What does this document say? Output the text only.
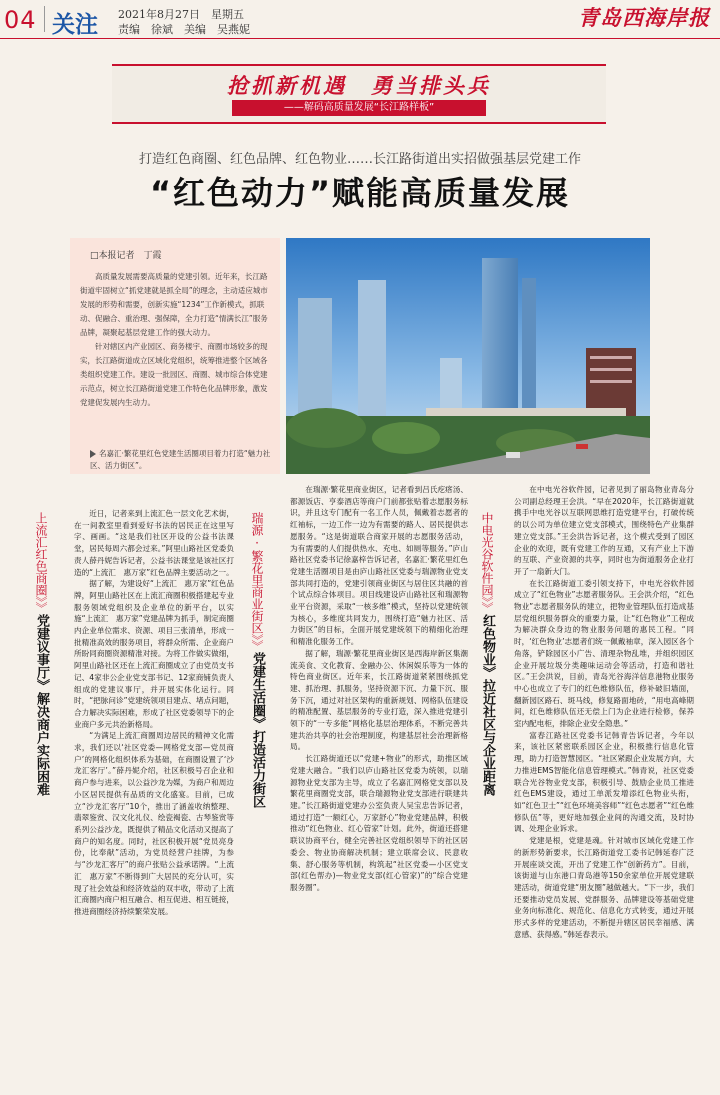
04 关注 2021年8月27日　星期五
责编　徐斌　美编　吴燕妮	青岛西海岸报
抢抓新机遇　勇当排头兵
——解码高质量发展“长江路样板”
打造红色商圈、红色品牌、红色物业……长江路街道出实招做强基层党建工作
“红色动力”赋能高质量发展
□本报记者　丁霞

高质量发展需要高质量的党建引领。近年来，长江路街道牢固树立“抓党建就是抓全局”的理念，主动适应城市发展的形势和需要，创新实施“1234”工作新模式，抓联动、促融合、重治理、强保障，全力打造“情满长江”服务品牌，凝聚起基层党建工作的强大动力。

针对辖区内产业园区、商务楼宇、商圈市场较多的现实，长江路街道成立区域化党组织，统筹推进整个区域各类组织党建工作。建设一批园区、商圈、城市综合体党建示范点，树立长江路街道党建工作特色化品牌形象，激发党建促发展内生动力。

名嘉汇·繁花里红色党建生活圈项目着力打造“魅力社区、活力街区”。
上流汇红色商圈》》党建议事厅》解决商户实际困难
瑞源·繁花里商业街区》》党建生活圈》打造活力街区
中电光谷软件园》》红色物业》拉近社区与企业距离

近日，记者来到上流汇色一层文化艺术街，在一间教室里看到爱好书法的居民正在这里写字、画画。“这是我们社区开设的公益书法课堂，居民每周六都会过来。”阿里山路社区党委负责人薛丹妮告诉记者，公益书法课堂是该社区打造的“上流汇　惠万家”红色品牌主要活动之一。

据了解，为建设好“上流汇　惠万家”红色品牌，阿里山路社区在上流汇商圈积极搭建起专业服务领域党组织及企业单位的新平台，以实施“上流汇　惠万家”党建品牌为抓手，制定商圈内企业单位需求、资源、项目三张清单，形成一批精准高效的服务项目，将群众所需、企业商户所盼同商圈资源精准对接。为将工作做实做细，阿里山路社区还在上流汇商圈成立了由党员支书记、4家非公企业党支部书记、12家商铺负责人组成的党建议事厅，并开展实体化运行。同时，“把脉问诊”党建统领项目建点、堵点问题，合力解决实际困难，形成了社区党委领导下的企业商户多元共治新格局。

“为满足上流汇商圈周边居民的精神文化需求，我们还以‘社区党委—网格党支部—党员商户’的网格化组织体系为基础，在商圈设置了‘沙龙汇客厅’。”薛丹妮介绍，社区积极号召企业和商户参与进来，以公益沙龙为媒，为商户和周边小区居民提供有品质的文化盛宴。目前，已成立“沙龙汇客厅”10个，推出了涵盖收纳整理、翡翠鉴赏、汉文化礼仪、绘瓷褐瓷、古琴鉴赏等系列公益沙龙，既提供了精品文化活动又提高了商户的知名度。同时，社区积极开展“党员亮身份，比奉献”活动，为党员经营户挂牌，为参与“沙龙汇客厅”的商户张贴公益承诺牌。“上流汇　惠万家”不断得到广大居民的充分认可，实现了社会效益和经济效益的双丰收，带动了上流汇商圈内商户相互融合、相互促进、相互链接，推进商圈经济持续繁荣发展。

在瑞源·繁花里商业街区，记者看到吕氏疙瘩汤、都源饭店、亨泰酒店等商户门前都张贴着志愿服务标识，并且这专门配有一名工作人员，佩戴着志愿者的红袖标，一边工作一边为有需要的路人、居民提供志愿服务。“这是街道联合商家开展的志愿服务活动，为有需要的人们提供热水、充电、如厕等服务。”庐山路社区党委书记徐嘉梓告诉记者，名嘉汇·繁花里红色党建生活圈项目是由庐山路社区党委与瑞源物业党支部共同打造的，党建引领商业街区与居住区共融的首个试点综合体项目。项目线建设庐山路社区和瑞源物业平台资源，采取“一核多维”模式，坚持以党建统领为核心，多维度共同发力，围绕打造“魅力社区、活力街区”的目标，全面开展党建统领下的精细化治理和精准化服务工作。

据了解，瑞源·繁花里商业街区是西海岸新区集潮流美食、文化教育、金融办公、休闲娱乐等为一体的特色商业街区。近年来，长江路街道紧紧围绕抓党建、抓治理、抓服务，坚持资源下沉、力量下沉、服务下沉，通过对社区架构的重新规划、网格队伍建设的精准配置、基层服务的专业打造，深入推进党建引领下的“一专多能”网格化基层治理体系，不断完善共建共治共享的社会治理制度，构建基层社会治理新格局。

长江路街道还以“党建+物业”的形式，助推区域党建大融合。“我们以庐山路社区党委为统领，以瑞源物业党支部为主导，成立了名嘉汇网格党支部以及繁花里商圈党支部，联合瑞源物业党支部进行联建共建。”长江路街道党建办公室负责人吴宝忠告诉记者，通过打造“一额红心，万家舒心”物业党建品牌，积极推动“红色物业、红心管家”计划。此外，街道还搭建联议协商平台，健全完善社区党组织领导下的社区居委会、物业协商解决机制；建立联席会议、民意收集、舒心服务等机制，构筑起“社区党委—小区党支部(红色帮办)—物业党支部(红心管家)”的“综合党建服务圈”。

在中电光谷软件园，记者见到了丽岛物业青岛分公司副总经理王会洪。“早在2020年，长江路街道就携手中电光谷以互联网思维打造党建平台，打破传统的以公司为单位建立党支部模式，围绕特色产业集群建立党支部。”王会洪告诉记者，这个模式受到了园区企业的欢迎，既有党建工作的互通，又有产业上下游的互联、产业资源的共享，同时也为街道服务企业打开了一扇新大门。

在长江路街道工委引领支持下，中电光谷软件园成立了“红色物业”志愿者服务队。王会洪介绍，“红色物业”志愿者服务队的建立，把物业管理队伍打造成基层党组织服务群众的重要力量，让“红色物业”工程成为解决群众身边的物业服务问题的惠民工程。“同时，‘红色物业’志愿者们统一佩戴袖章，深入园区各个角落，铲除园区小广告、清理杂物乱堆，并组织园区企业开展垃圾分类趣味运动会等活动，打造和谐社区。”王会洪说，目前，青岛光谷海洋信息港物业服务中心也成立了专门的红色维修队伍，修补破旧墙面，翻新园区路石、斑马线，修复路面地砖，“用电高峰期间，红色维修队伍还无偿上门为企业进行检修，保养室内配电柜，排除企业安全隐患。”

富春江路社区党委书记韩青告诉记者，今年以来，该社区紧密联系园区企业，积极推行信息化管理，助力打造智慧园区。“社区紧跟企业发展方向，大力推进EMS智能化信息管理模式。”韩青说，社区党委联合光谷物业党支部，积极引导、鼓励企业员工推进红色EMS建设，通过工单派发增添红色物业头衔，如“红色卫士”“红色环境美容师”“红色志愿者”“红色维修队伍”等，更好地加强企业间的沟通交流，及时协调、处理企业诉求。

党建是根，党建是魂。针对城市区域化党建工作的新形势新要求，长江路街道党工委书记韩延春广泛开展座谈交流，开出了党建工作“创新药方”。目前，该街道与山东港口青岛港等150余家单位开展党建联建活动，街道党建“朋友圈”越做越大。“下一步，我们还要推动党员发展、党群服务、品牌建设等基础党建业务向标准化、规范化、信息化方式转变，通过开展形式多样的党建活动，不断提升辖区居民幸福感、满意感、获得感。”韩延春表示。
